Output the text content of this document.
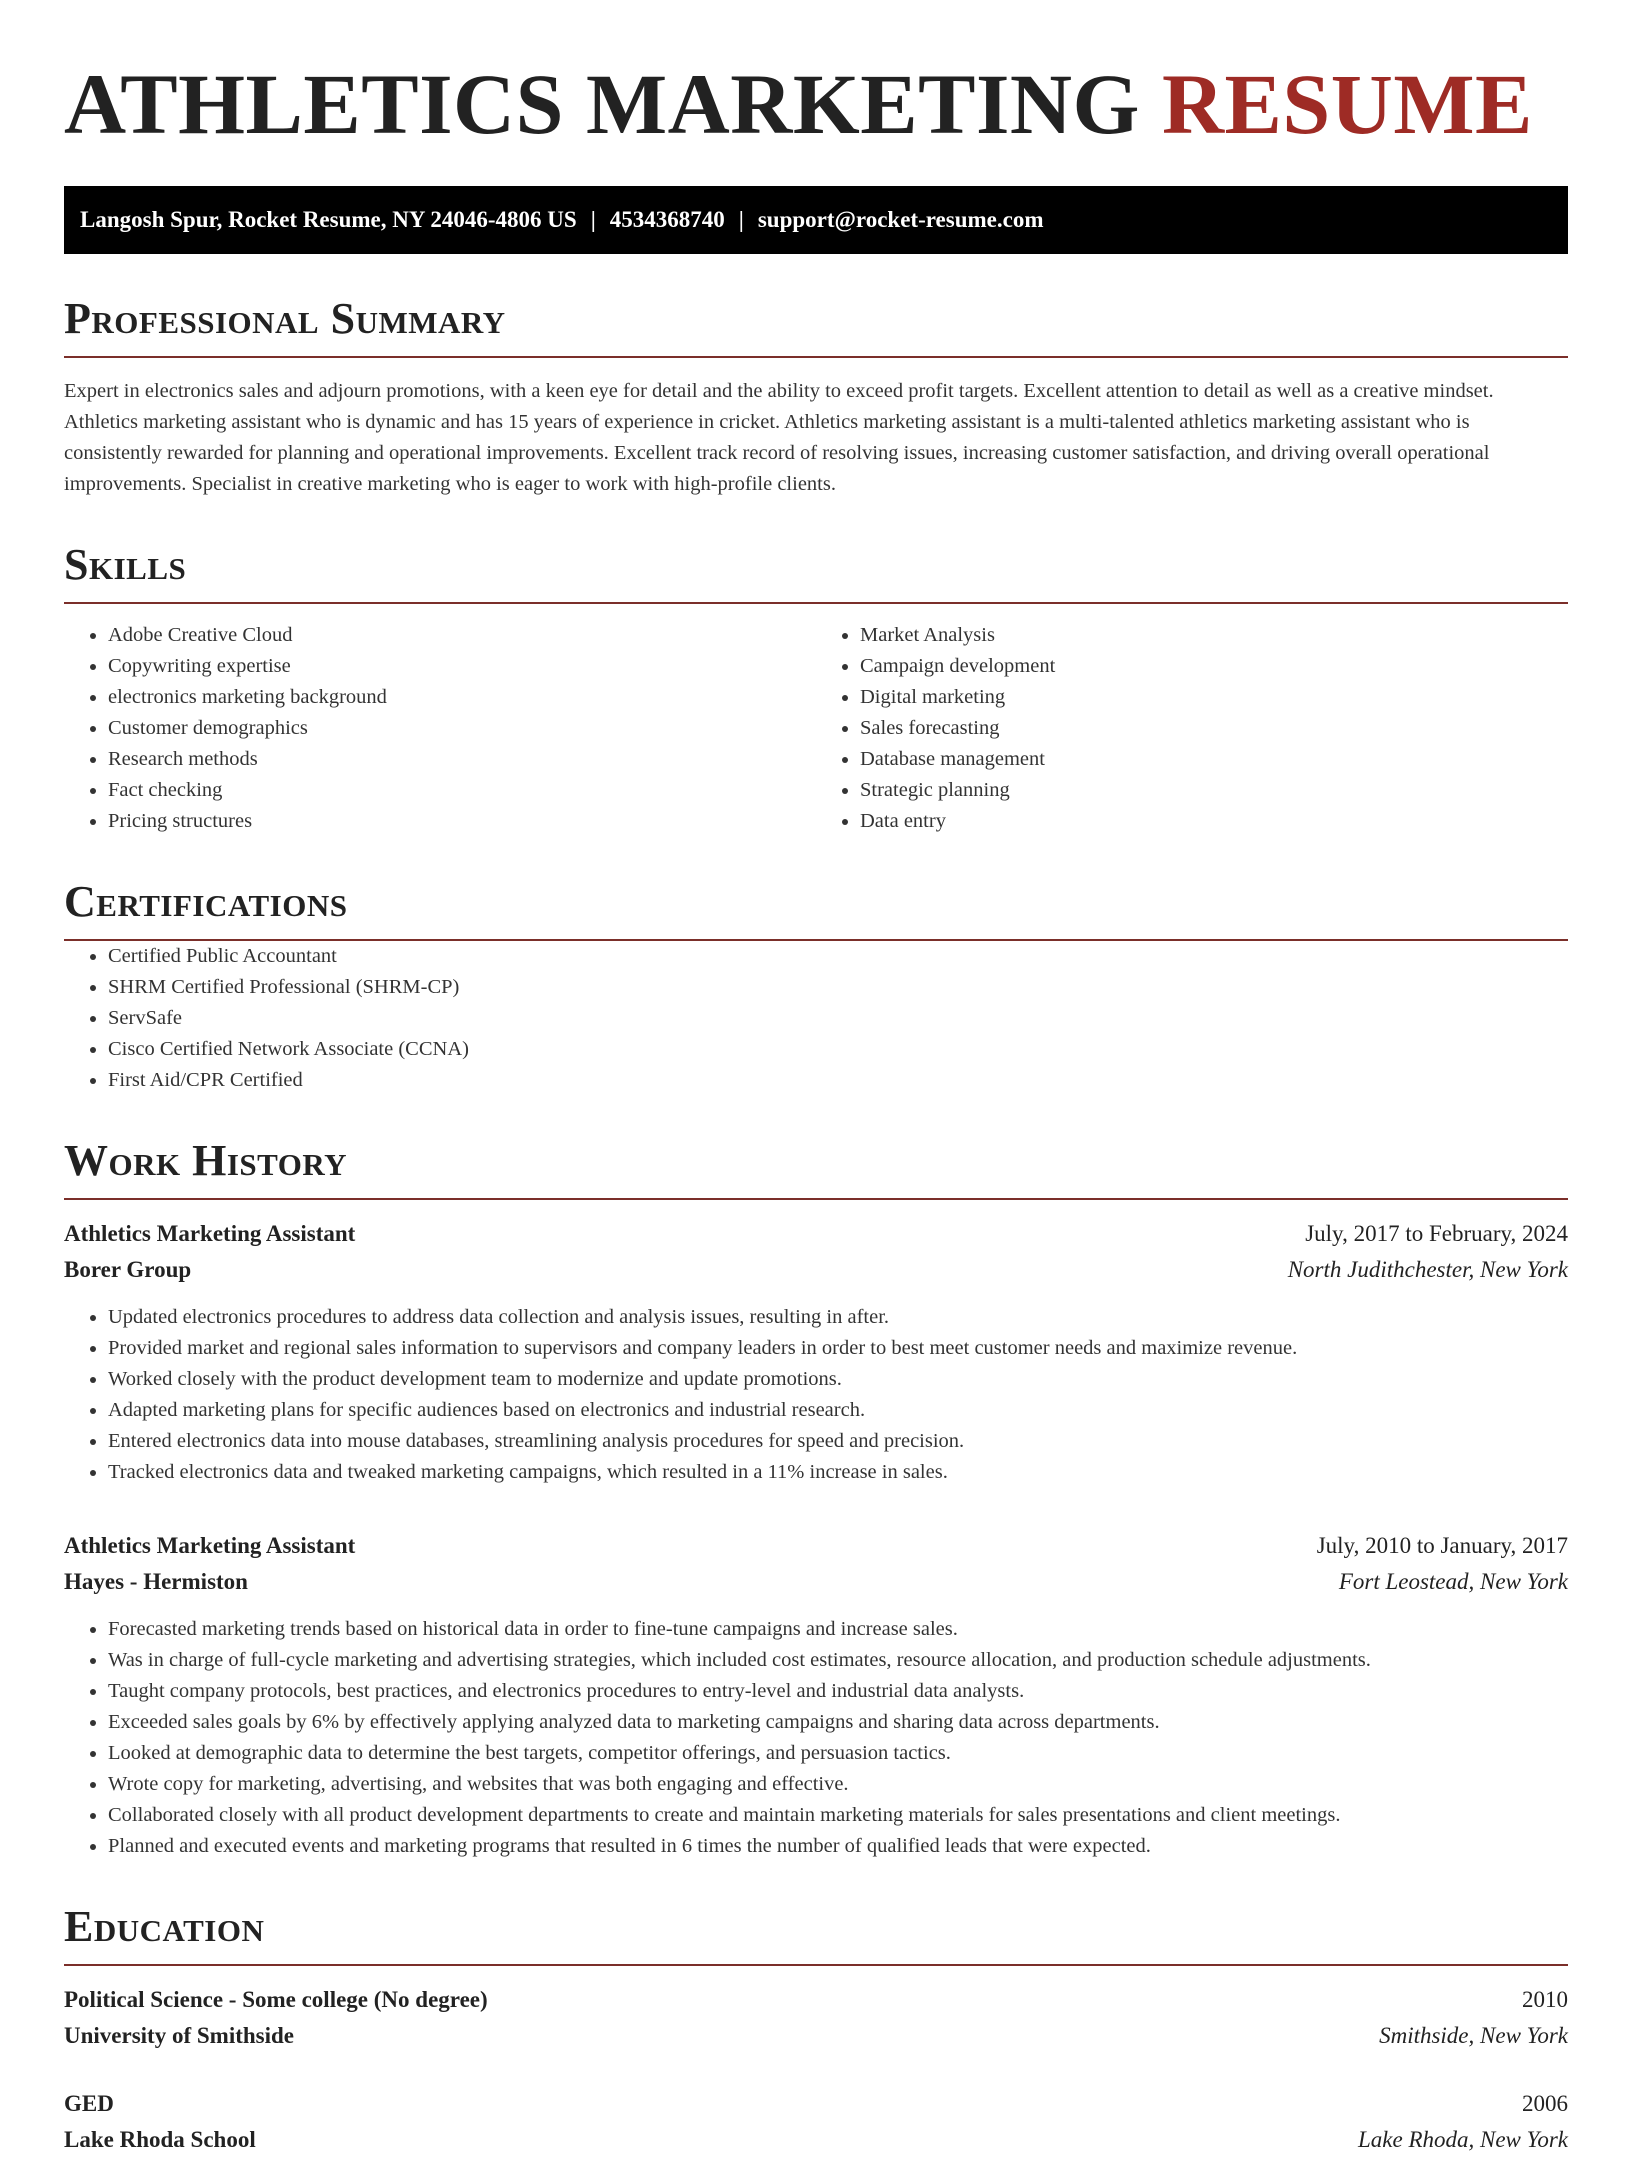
ATHLETICS MARKETING RESUME
Langosh Spur, Rocket Resume, NY 24046-4806 US | 4534368740 | support@rocket-resume.com
Professional Summary

Expert in electronics sales and adjourn promotions, with a keen eye for detail and the ability to exceed profit targets. Excellent attention to detail as well as a creative mindset. Athletics marketing assistant who is dynamic and has 15 years of experience in cricket. Athletics marketing assistant is a multi-talented athletics marketing assistant who is consistently rewarded for planning and operational improvements. Excellent track record of resolving issues, increasing customer satisfaction, and driving overall operational improvements. Specialist in creative marketing who is eager to work with high-profile clients.

Skills
• Adobe Creative Cloud
• Copywriting expertise
• electronics marketing background
• Customer demographics
• Research methods
• Fact checking
• Pricing structures
• Market Analysis
• Campaign development
• Digital marketing
• Sales forecasting
• Database management
• Strategic planning
• Data entry
Certifications
• Certified Public Accountant
• SHRM Certified Professional (SHRM-CP)
• ServSafe
• Cisco Certified Network Associate (CCNA)
• First Aid/CPR Certified
Work History
Athletics Marketing Assistant	July, 2017 to February, 2024
Borer Group	North Judithchester, New York
• Updated electronics procedures to address data collection and analysis issues, resulting in after.
• Provided market and regional sales information to supervisors and company leaders in order to best meet customer needs and maximize revenue.
• Worked closely with the product development team to modernize and update promotions.
• Adapted marketing plans for specific audiences based on electronics and industrial research.
• Entered electronics data into mouse databases, streamlining analysis procedures for speed and precision.
• Tracked electronics data and tweaked marketing campaigns, which resulted in a 11% increase in sales.
Athletics Marketing Assistant	July, 2010 to January, 2017
Hayes - Hermiston	Fort Leostead, New York
• Forecasted marketing trends based on historical data in order to fine-tune campaigns and increase sales.
• Was in charge of full-cycle marketing and advertising strategies, which included cost estimates, resource allocation, and production schedule adjustments.
• Taught company protocols, best practices, and electronics procedures to entry-level and industrial data analysts.
• Exceeded sales goals by 6% by effectively applying analyzed data to marketing campaigns and sharing data across departments.
• Looked at demographic data to determine the best targets, competitor offerings, and persuasion tactics.
• Wrote copy for marketing, advertising, and websites that was both engaging and effective.
• Collaborated closely with all product development departments to create and maintain marketing materials for sales presentations and client meetings.
• Planned and executed events and marketing programs that resulted in 6 times the number of qualified leads that were expected.
Education
Political Science - Some college (No degree)	2010
University of Smithside	Smithside, New York
GED	2006
Lake Rhoda School	Lake Rhoda, New York
